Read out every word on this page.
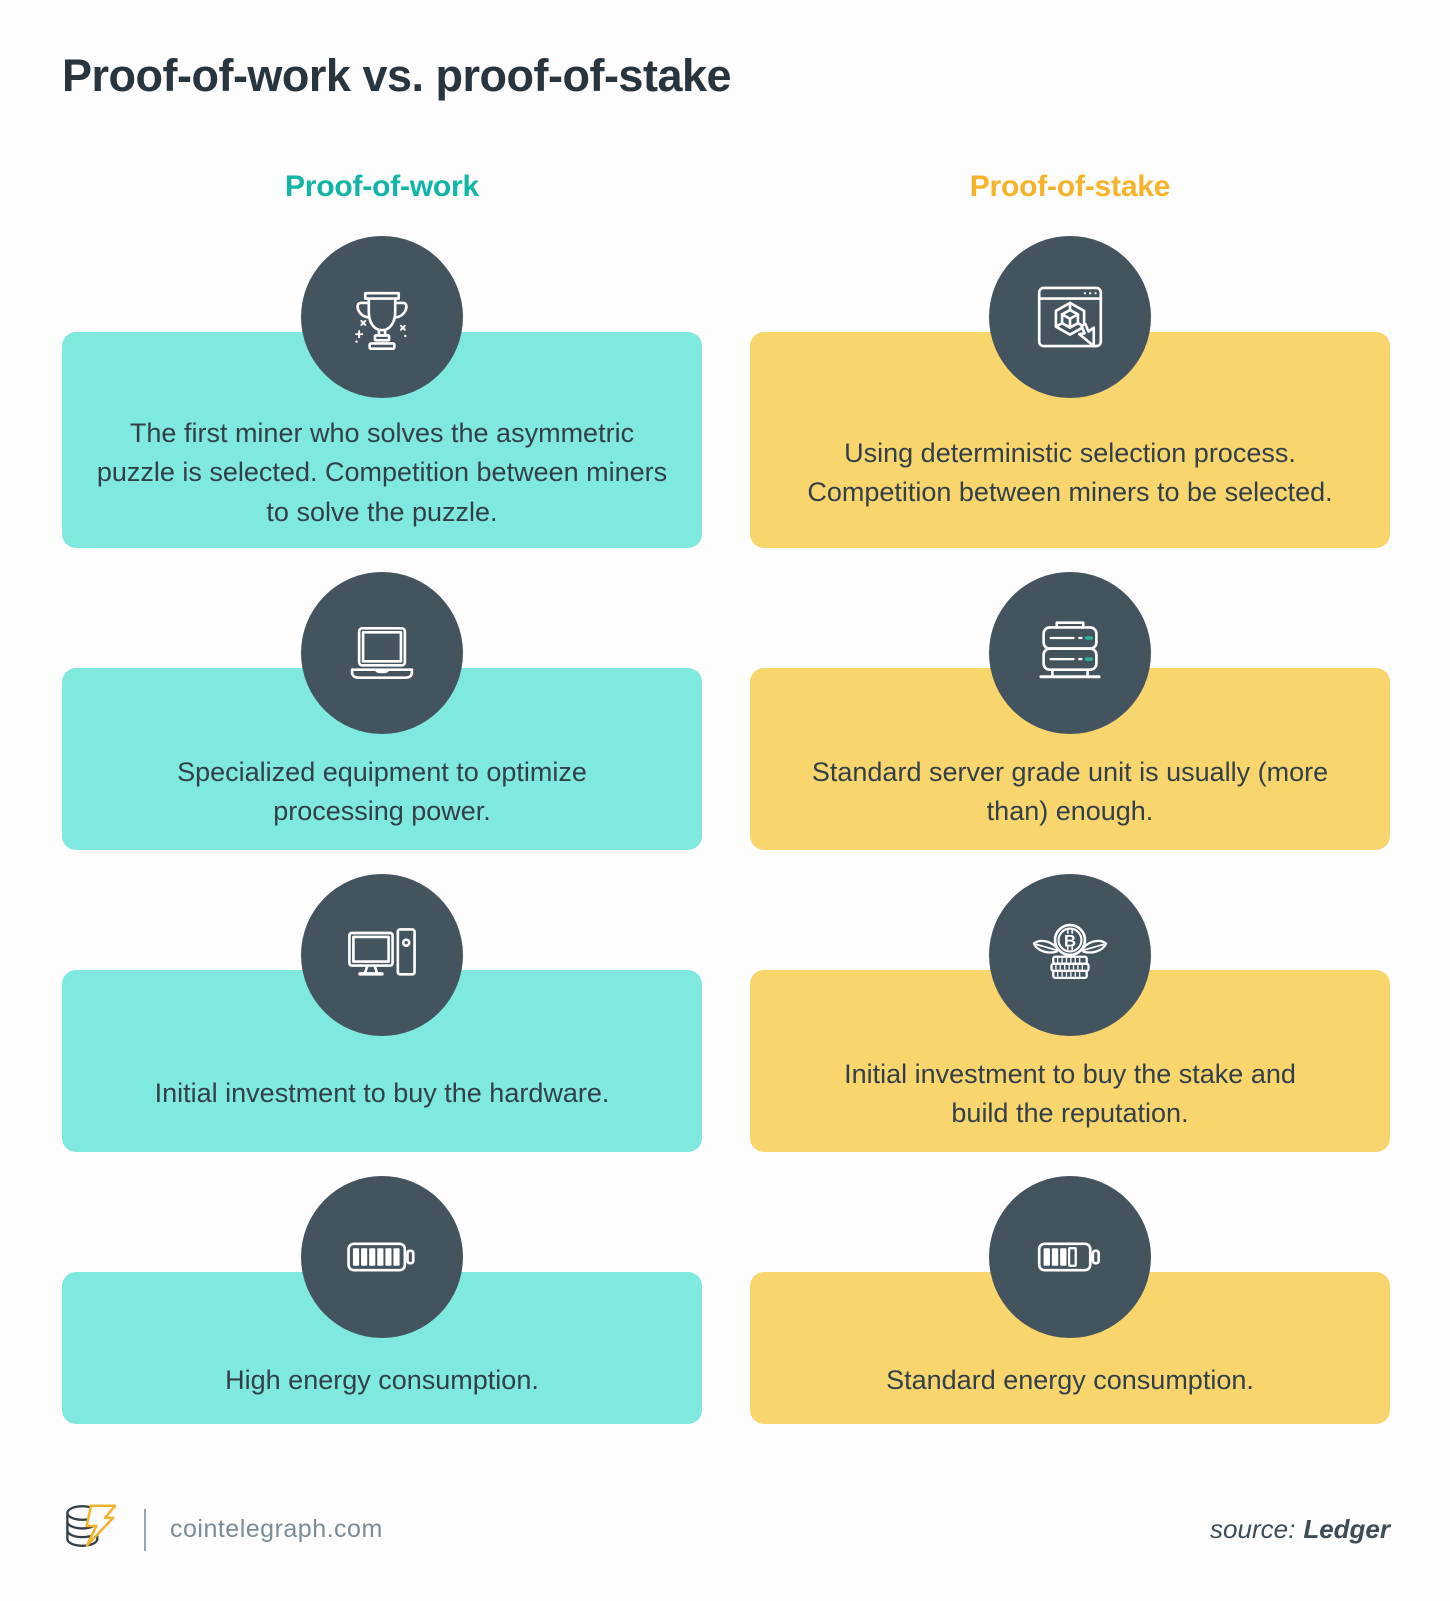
Proof-of-work vs. proof-of-stake
Proof-of-work

The first miner who solves the asymmetric puzzle is selected. Competition between miners to solve the puzzle.

Specialized equipment to optimize processing power.

Initial investment to buy the hardware.

High energy consumption.

Proof-of-stake

Using deterministic selection process. Competition between miners to be selected.

Standard server grade unit is usually (more than) enough.

B

Initial investment to buy the stake and build the reputation.

Standard energy consumption.

cointelegraph.com	source: Ledger
